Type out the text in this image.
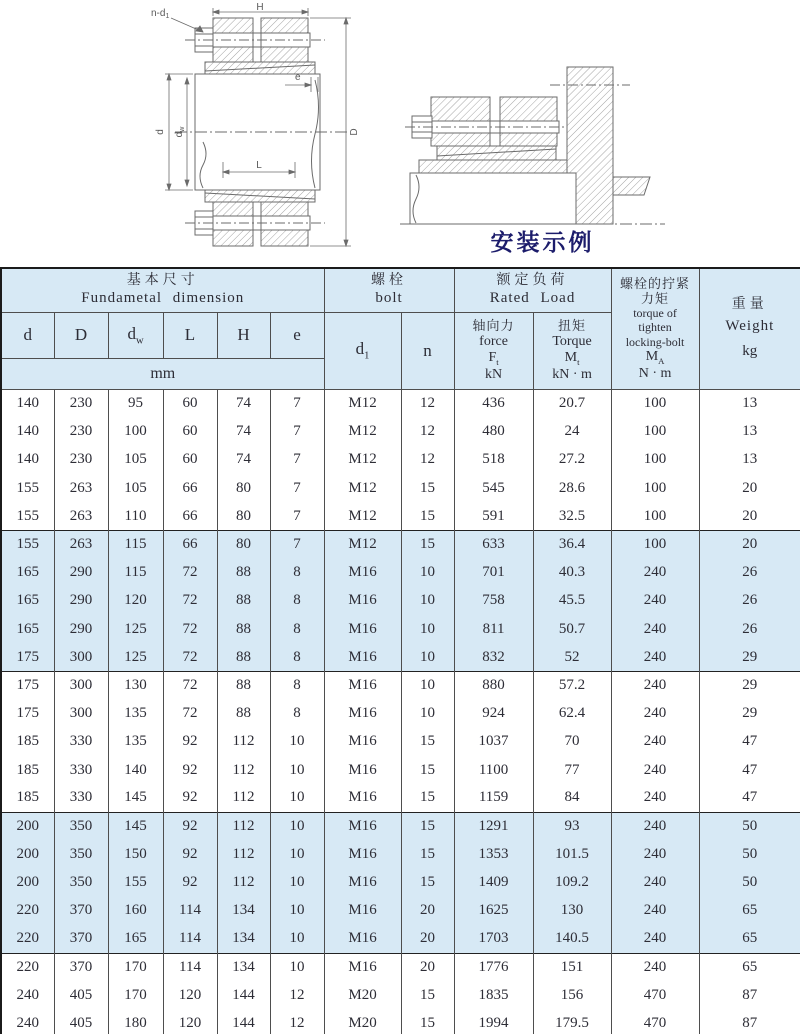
H
$n-d_1$
e
d $d_w$
L
D
安装示例
基本尺寸
Fundametal dimension

螺栓
bolt

额定负荷
Rated Load

螺栓的拧紧
力矩
torque of
tighten
locking-bolt
$M_A$
N · m

重量
Weight
kg

d	D	$d_w$	L	H	e	$d_1$	n	
轴向力
force
$F_t$
kN

扭矩
Torque
$M_t$
kN · m

mm											
140	230	95	60	74	7	M12	12	436	20.7	100	13
140	230	100	60	74	7	M12	12	480	24	100	13
140	230	105	60	74	7	M12	12	518	27.2	100	13
155	263	105	66	80	7	M12	15	545	28.6	100	20
155	263	110	66	80	7	M12	15	591	32.5	100	20
155	263	115	66	80	7	M12	15	633	36.4	100	20
165	290	115	72	88	8	M16	10	701	40.3	240	26
165	290	120	72	88	8	M16	10	758	45.5	240	26
165	290	125	72	88	8	M16	10	811	50.7	240	26
175	300	125	72	88	8	M16	10	832	52	240	29
175	300	130	72	88	8	M16	10	880	57.2	240	29
175	300	135	72	88	8	M16	10	924	62.4	240	29
185	330	135	92	112	10	M16	15	1037	70	240	47
185	330	140	92	112	10	M16	15	1100	77	240	47
185	330	145	92	112	10	M16	15	1159	84	240	47
200	350	145	92	112	10	M16	15	1291	93	240	50
200	350	150	92	112	10	M16	15	1353	101.5	240	50
200	350	155	92	112	10	M16	15	1409	109.2	240	50
220	370	160	114	134	10	M16	20	1625	130	240	65
220	370	165	114	134	10	M16	20	1703	140.5	240	65
220	370	170	114	134	10	M16	20	1776	151	240	65
240	405	170	120	144	12	M20	15	1835	156	470	87
240	405	180	120	144	12	M20	15	1994	179.5	470	87
